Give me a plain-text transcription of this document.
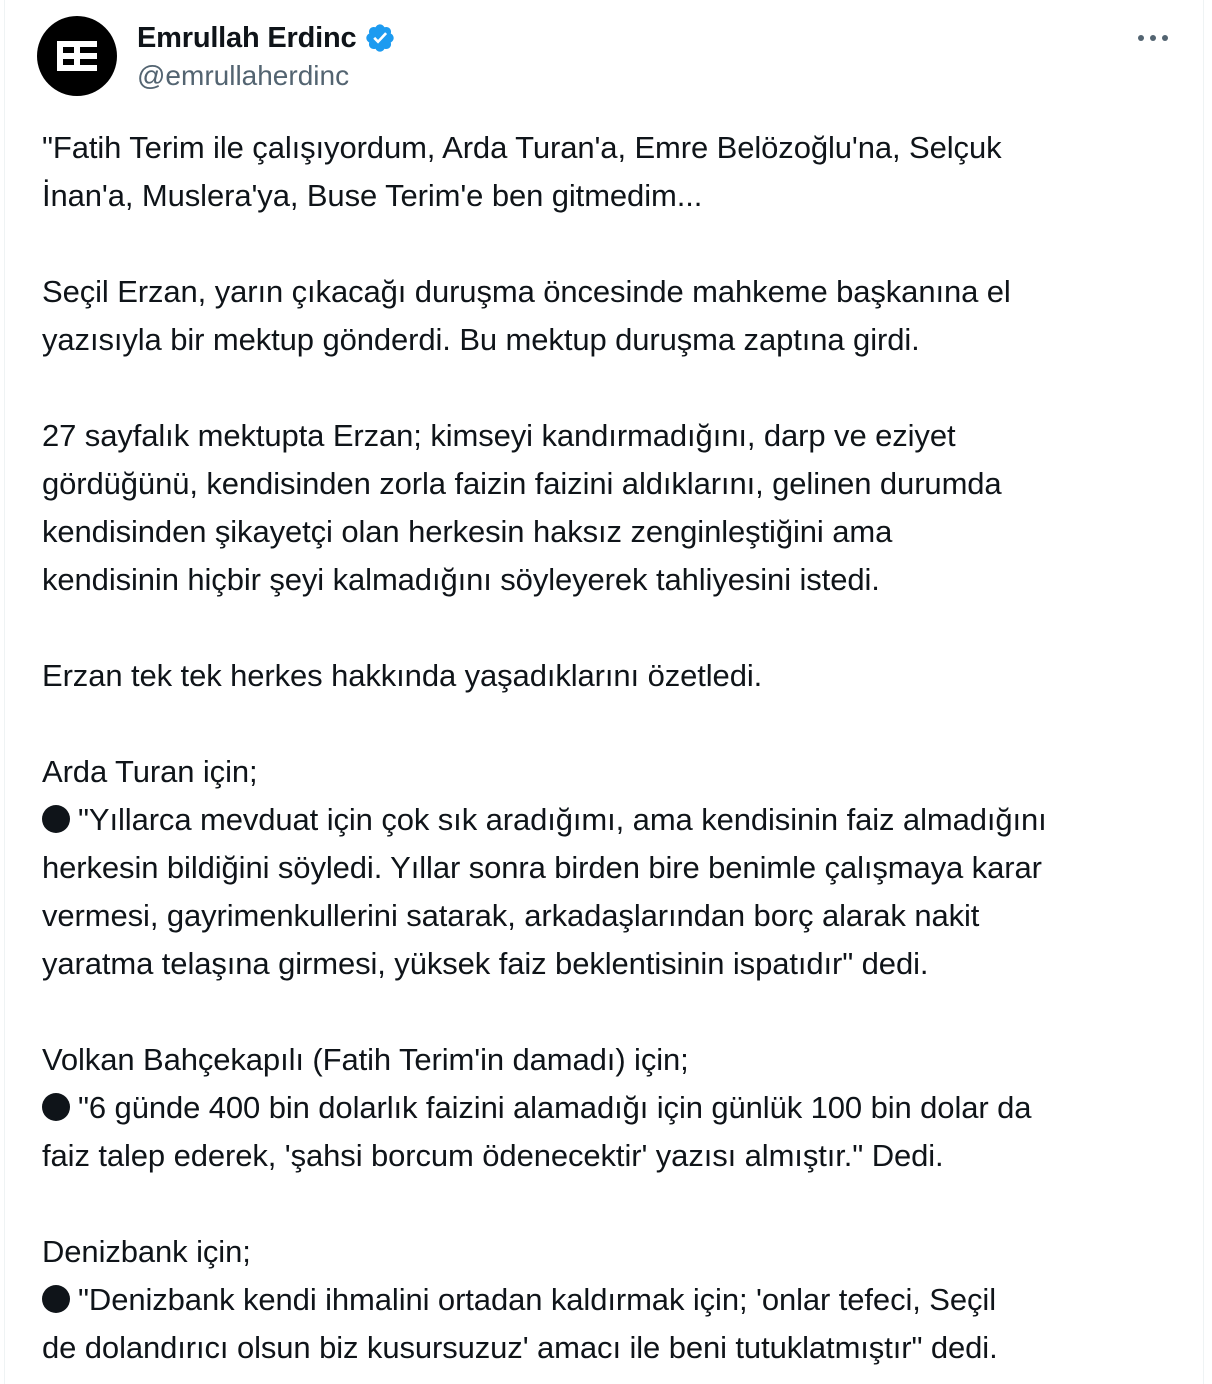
Emrullah Erdinc
@emrullaherdinc
"Fatih Terim ile çalışıyordum, Arda Turan'a, Emre Belözoğlu'na, Selçuk
İnan'a, Muslera'ya, Buse Terim'e ben gitmedim...
Seçil Erzan, yarın çıkacağı duruşma öncesinde mahkeme başkanına el
yazısıyla bir mektup gönderdi. Bu mektup duruşma zaptına girdi.
27 sayfalık mektupta Erzan; kimseyi kandırmadığını, darp ve eziyet
gördüğünü, kendisinden zorla faizin faizini aldıklarını, gelinen durumda
kendisinden şikayetçi olan herkesin haksız zenginleştiğini ama
kendisinin hiçbir şeyi kalmadığını söyleyerek tahliyesini istedi.
Erzan tek tek herkes hakkında yaşadıklarını özetledi.
Arda Turan için;
"Yıllarca mevduat için çok sık aradığımı, ama kendisinin faiz almadığını
herkesin bildiğini söyledi. Yıllar sonra birden bire benimle çalışmaya karar
vermesi, gayrimenkullerini satarak, arkadaşlarından borç alarak nakit
yaratma telaşına girmesi, yüksek faiz beklentisinin ispatıdır" dedi.
Volkan Bahçekapılı (Fatih Terim'in damadı) için;
"6 günde 400 bin dolarlık faizini alamadığı için günlük 100 bin dolar da
faiz talep ederek, 'şahsi borcum ödenecektir' yazısı almıştır." Dedi.
Denizbank için;
"Denizbank kendi ihmalini ortadan kaldırmak için; 'onlar tefeci, Seçil
de dolandırıcı olsun biz kusursuzuz' amacı ile beni tutuklatmıştır" dedi.
